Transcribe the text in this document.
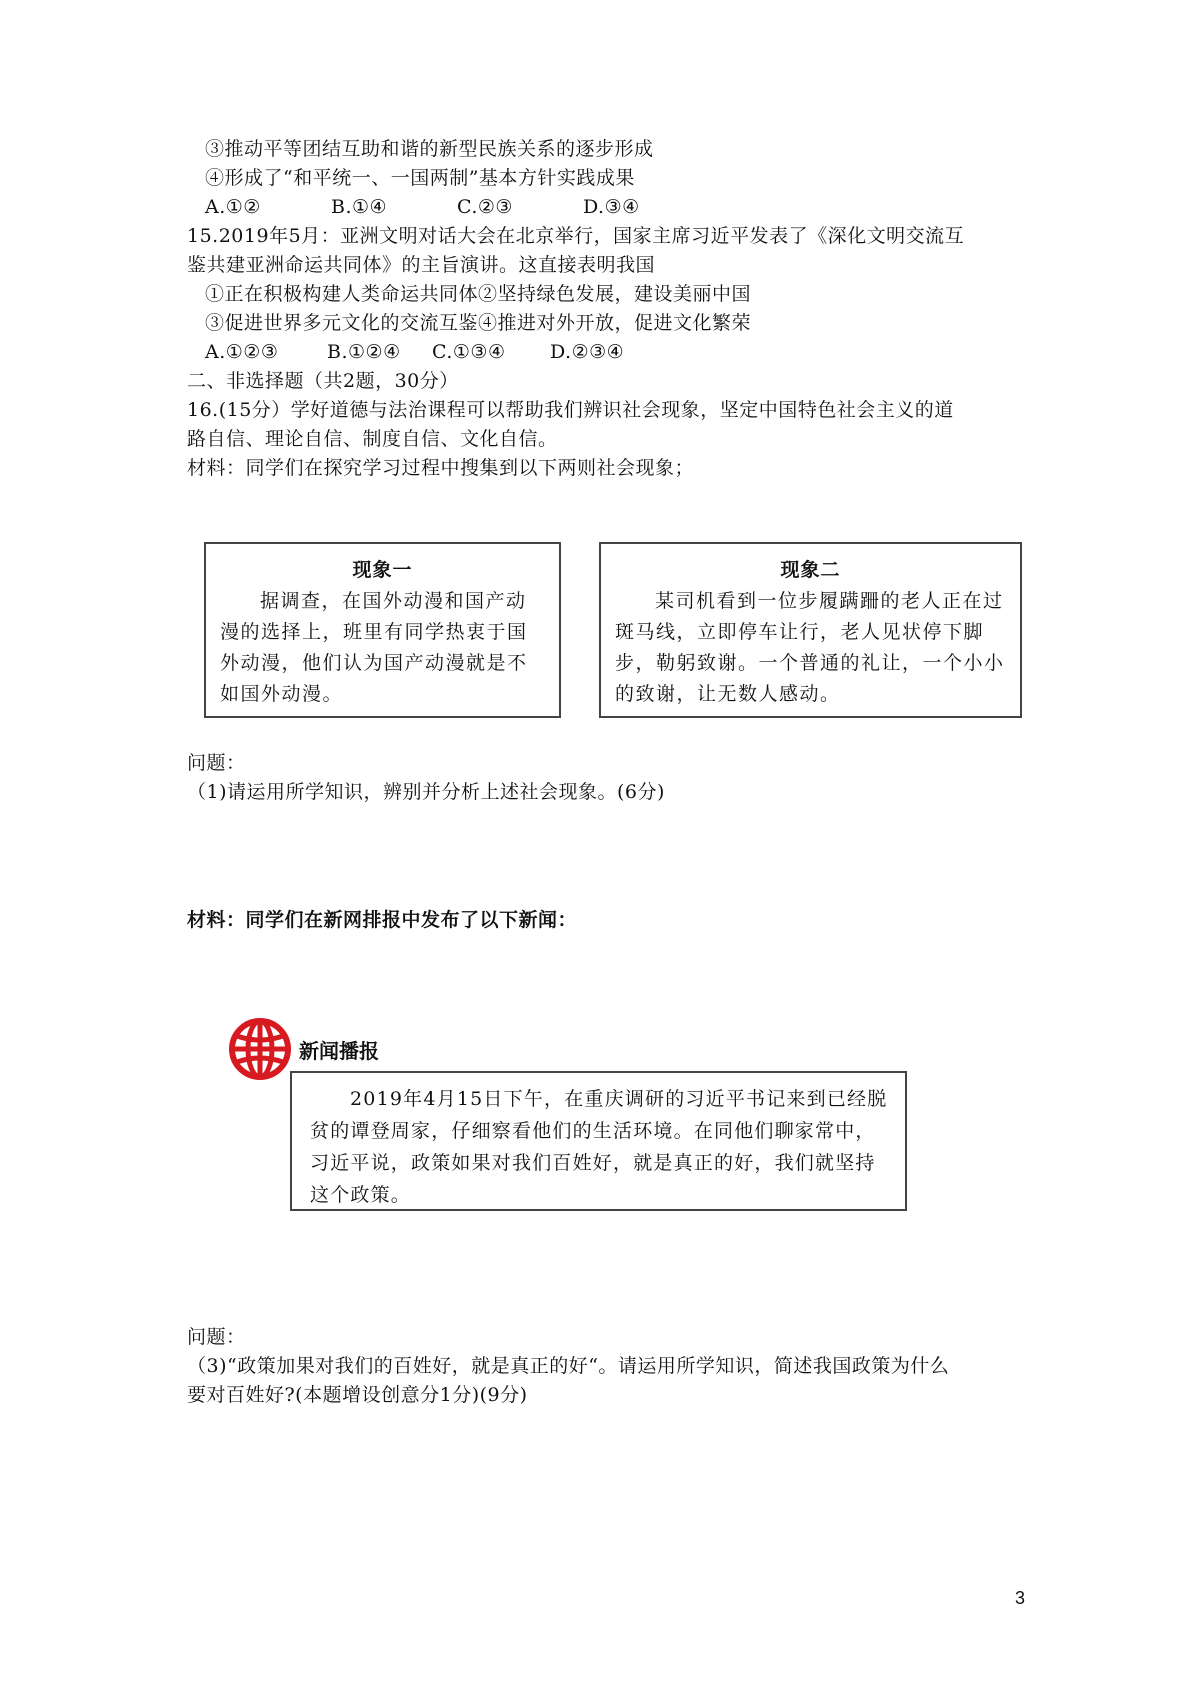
③推动平等团结互助和谐的新型民族关系的逐步形成
④形成了“和平统一、一国两制”基本方针实践成果
A.①②	B.①④	C.②③	D.③④
15.2019年5月：亚洲文明对话大会在北京举行，国家主席习近平发表了《深化文明交流互
鉴共建亚洲命运共同体》的主旨演讲。这直接表明我国
①正在积极构建人类命运共同体②坚持绿色发展，建设美丽中国
③促进世界多元文化的交流互鉴④推进对外开放，促进文化繁荣
A.①②③	B.①②④ C.①③④ D.②③④
二、非选择题（共2题，30分）
16.(15分）学好道德与法治课程可以帮助我们辨识社会现象，坚定中国特色社会主义的道
路自信、理论自信、制度自信、文化自信。
材料：同学们在探究学习过程中搜集到以下两则社会现象；
现象一
据调查，在国外动漫和国产动漫的选择上，班里有同学热衷于国外动漫，他们认为国产动漫就是不如国外动漫。
现象二
某司机看到一位步履蹒跚的老人正在过斑马线，立即停车让行，老人见状停下脚步，勒躬致谢。一个普通的礼让，一个小小的致谢，让无数人感动。
问题：
（1)请运用所学知识，辨别并分析上述社会现象。(6分)
材料：同学们在新网排报中发布了以下新闻：
新闻播报
2019年4月15日下午，在重庆调研的习近平书记来到已经脱贫的谭登周家，仔细察看他们的生活环境。在同他们聊家常中，习近平说，政策如果对我们百姓好，就是真正的好，我们就坚持这个政策。
问题：
（3)“政策加果对我们的百姓好，就是真正的好“。请运用所学知识，简述我国政策为什么
要对百姓好?(本题增设创意分1分)(9分)
3
